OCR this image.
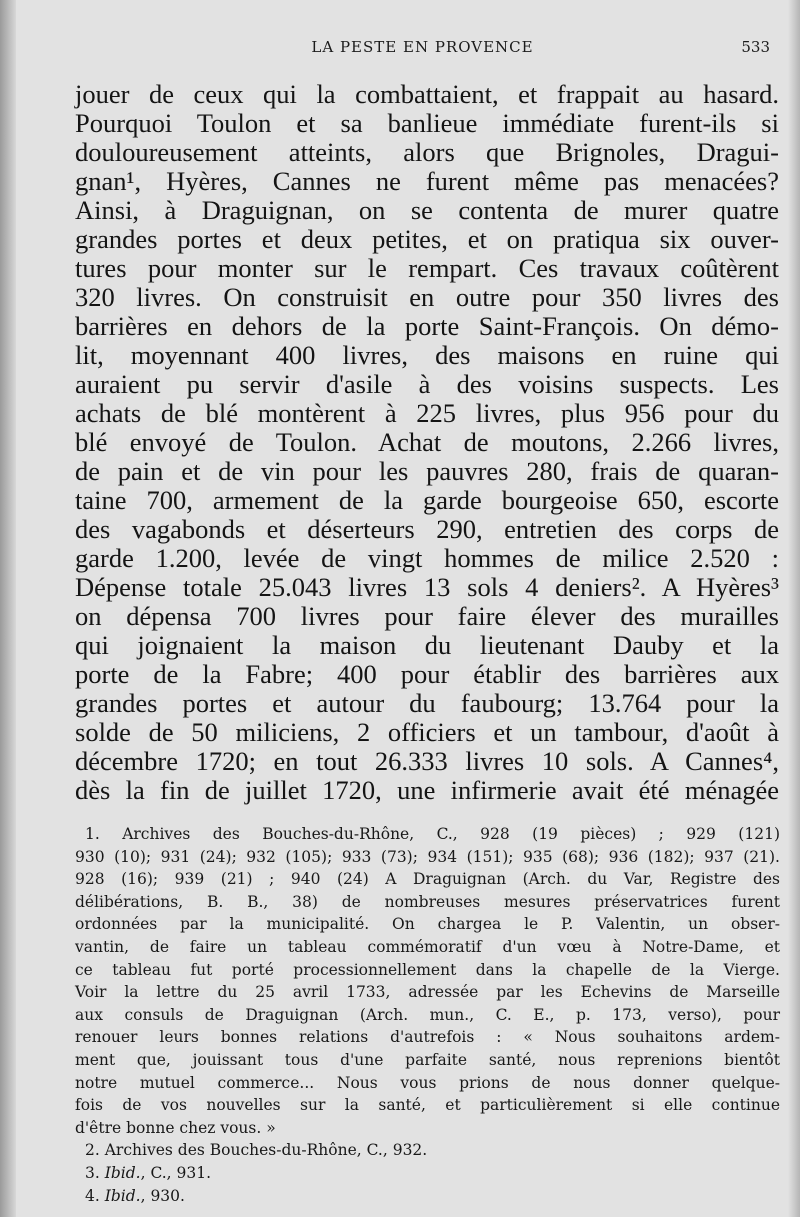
LA PESTE EN PROVENCE	533
jouer de ceux qui la combattaient, et frappait au hasard.
Pourquoi Toulon et sa banlieue immédiate furent-ils si
douloureusement atteints, alors que Brignoles, Dragui-
gnan¹, Hyères, Cannes ne furent même pas menacées?
Ainsi, à Draguignan, on se contenta de murer quatre
grandes portes et deux petites, et on pratiqua six ouver-
tures pour monter sur le rempart. Ces travaux coûtèrent
320 livres. On construisit en outre pour 350 livres des
barrières en dehors de la porte Saint-François. On démo-
lit, moyennant 400 livres, des maisons en ruine qui
auraient pu servir d'asile à des voisins suspects. Les
achats de blé montèrent à 225 livres, plus 956 pour du
blé envoyé de Toulon. Achat de moutons, 2.266 livres,
de pain et de vin pour les pauvres 280, frais de quaran-
taine 700, armement de la garde bourgeoise 650, escorte
des vagabonds et déserteurs 290, entretien des corps de
garde 1.200, levée de vingt hommes de milice 2.520 :
Dépense totale 25.043 livres 13 sols 4 deniers². A Hyères³
on dépensa 700 livres pour faire élever des murailles
qui joignaient la maison du lieutenant Dauby et la
porte de la Fabre; 400 pour établir des barrières aux
grandes portes et autour du faubourg; 13.764 pour la
solde de 50 miliciens, 2 officiers et un tambour, d'août à
décembre 1720; en tout 26.333 livres 10 sols. A Cannes⁴,
dès la fin de juillet 1720, une infirmerie avait été ménagée
1. Archives des Bouches-du-Rhône, C., 928 (19 pièces) ; 929 (121)
930 (10); 931 (24); 932 (105); 933 (73); 934 (151); 935 (68); 936 (182); 937 (21).
928 (16); 939 (21) ; 940 (24) A Draguignan (Arch. du Var, Registre des
délibérations, B. B., 38) de nombreuses mesures préservatrices furent
ordonnées par la municipalité. On chargea le P. Valentin, un obser-
vantin, de faire un tableau commémoratif d'un vœu à Notre-Dame, et
ce tableau fut porté processionnellement dans la chapelle de la Vierge.
Voir la lettre du 25 avril 1733, adressée par les Echevins de Marseille
aux consuls de Draguignan (Arch. mun., C. E., p. 173, verso), pour
renouer leurs bonnes relations d'autrefois : « Nous souhaitons ardem-
ment que, jouissant tous d'une parfaite santé, nous reprenions bientôt
notre mutuel commerce... Nous vous prions de nous donner quelque-
fois de vos nouvelles sur la santé, et particulièrement si elle continue
d'être bonne chez vous. »
2. Archives des Bouches-du-Rhône, C., 932.
3. Ibid., C., 931.
4. Ibid., 930.
